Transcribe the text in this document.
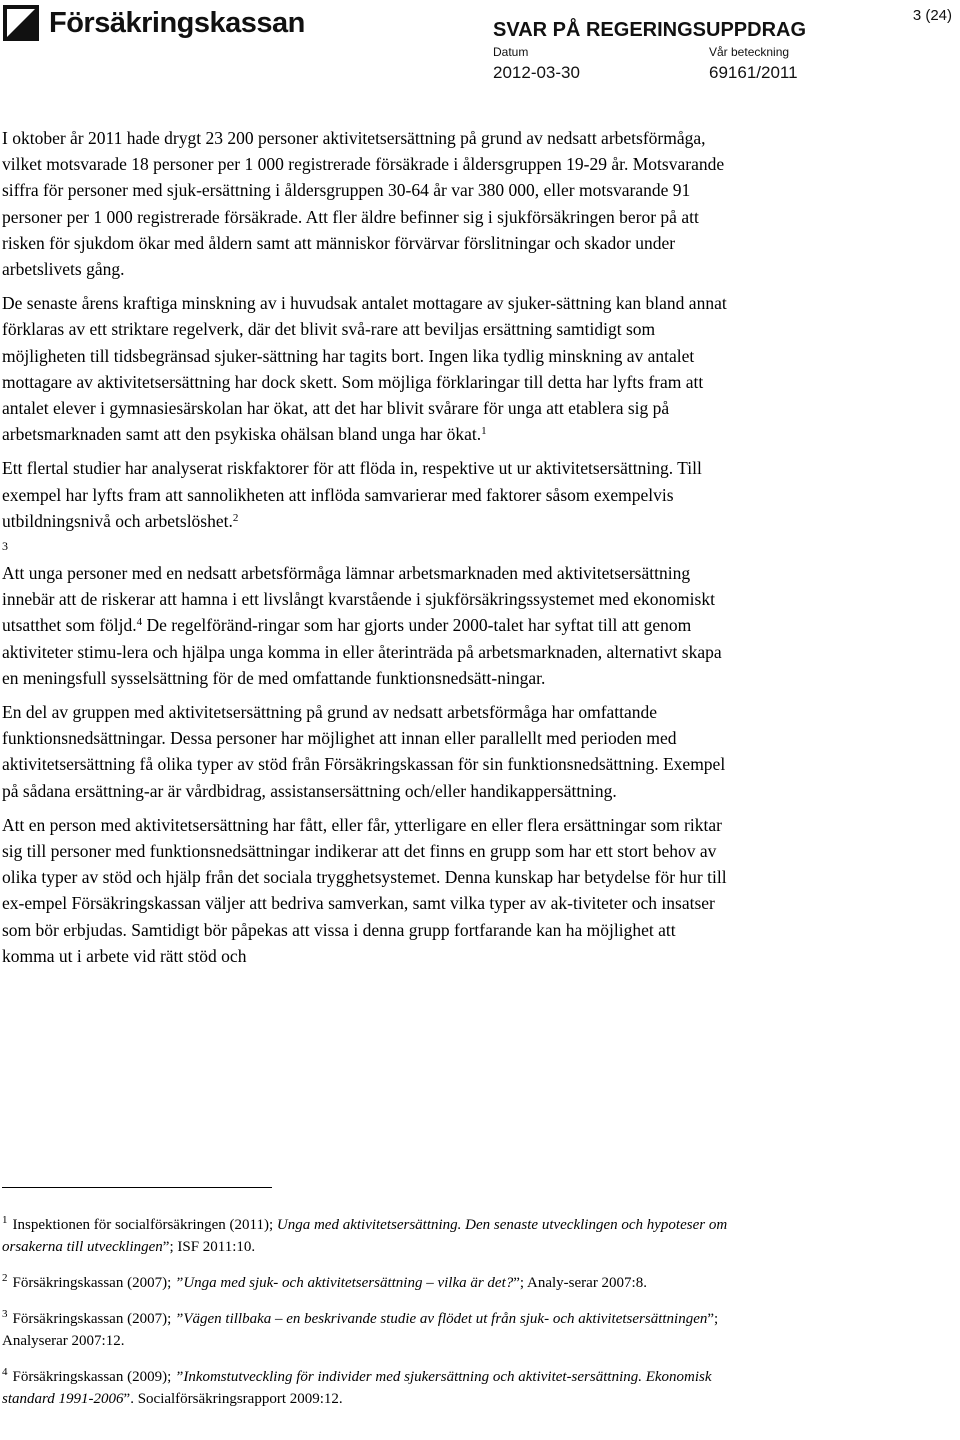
Försäkringskassan	SVAR PÅ REGERINGSUPPDRAG
Datum
2012-03-30
Vår beteckning
69161/2011
3 (24)

I oktober år 2011 hade drygt 23 200 personer aktivitetsersättning på grund av nedsatt arbetsförmåga, vilket motsvarade 18 personer per 1 000 registrerade försäkrade i åldersgruppen 19-29 år. Motsvarande siffra för personer med sjuk-ersättning i åldersgruppen 30-64 år var 380 000, eller motsvarande 91 personer per 1 000 registrerade försäkrade. Att fler äldre befinner sig i sjukförsäkringen beror på att risken för sjukdom ökar med åldern samt att människor förvärvar förslitningar och skador under arbetslivets gång.

De senaste årens kraftiga minskning av i huvudsak antalet mottagare av sjuker-sättning kan bland annat förklaras av ett striktare regelverk, där det blivit svå-rare att beviljas ersättning samtidigt som möjligheten till tidsbegränsad sjuker-sättning har tagits bort. Ingen lika tydlig minskning av antalet mottagare av aktivitetsersättning har dock skett. Som möjliga förklaringar till detta har lyfts fram att antalet elever i gymnasiesärskolan har ökat, att det har blivit svårare för unga att etablera sig på arbetsmarknaden samt att den psykiska ohälsan bland unga har ökat.$^1$

Ett flertal studier har analyserat riskfaktorer för att flöda in, respektive ut ur aktivitetsersättning. Till exempel har lyfts fram att sannolikheten att inflöda samvarierar med faktorer såsom exempelvis utbildningsnivå och arbetslöshet.$^2$

3

Att unga personer med en nedsatt arbetsförmåga lämnar arbetsmarknaden med aktivitetsersättning innebär att de riskerar att hamna i ett livslångt kvarstående i sjukförsäkringssystemet med ekonomiskt utsatthet som följd.$^4$ De regelföränd-ringar som har gjorts under 2000-talet har syftat till att genom aktiviteter stimu-lera och hjälpa unga komma in eller återinträda på arbetsmarknaden, alternativt skapa en meningsfull sysselsättning för de med omfattande funktionsnedsätt-ningar.

En del av gruppen med aktivitetsersättning på grund av nedsatt arbetsförmåga har omfattande funktionsnedsättningar. Dessa personer har möjlighet att innan eller parallellt med perioden med aktivitetsersättning få olika typer av stöd från Försäkringskassan för sin funktionsnedsättning. Exempel på sådana ersättning-ar är vårdbidrag, assistansersättning och/eller handikappersättning.

Att en person med aktivitetsersättning har fått, eller får, ytterligare en eller flera ersättningar som riktar sig till personer med funktionsnedsättningar indikerar att det finns en grupp som har ett stort behov av olika typer av stöd och hjälp från det sociala trygghetsystemet. Denna kunskap har betydelse för hur till ex-empel Försäkringskassan väljer att bedriva samverkan, samt vilka typer av ak-tiviteter och insatser som bör erbjudas. Samtidigt bör påpekas att vissa i denna grupp fortfarande kan ha möjlighet att komma ut i arbete vid rätt stöd och

$^1$ Inspektionen för socialförsäkringen (2011); Unga med aktivitetsersättning. Den senaste utvecklingen och hypoteser om orsakerna till utvecklingen”; ISF 2011:10.

$^2$ Försäkringskassan (2007); ”Unga med sjuk- och aktivitetsersättning – vilka är det?”; Analy-serar 2007:8.

$^3$ Försäkringskassan (2007); ”Vägen tillbaka – en beskrivande studie av flödet ut från sjuk- och aktivitetsersättningen”; Analyserar 2007:12.

$^4$ Försäkringskassan (2009); ”Inkomstutveckling för individer med sjukersättning och aktivitet-sersättning. Ekonomisk standard 1991-2006”. Socialförsäkringsrapport 2009:12.
